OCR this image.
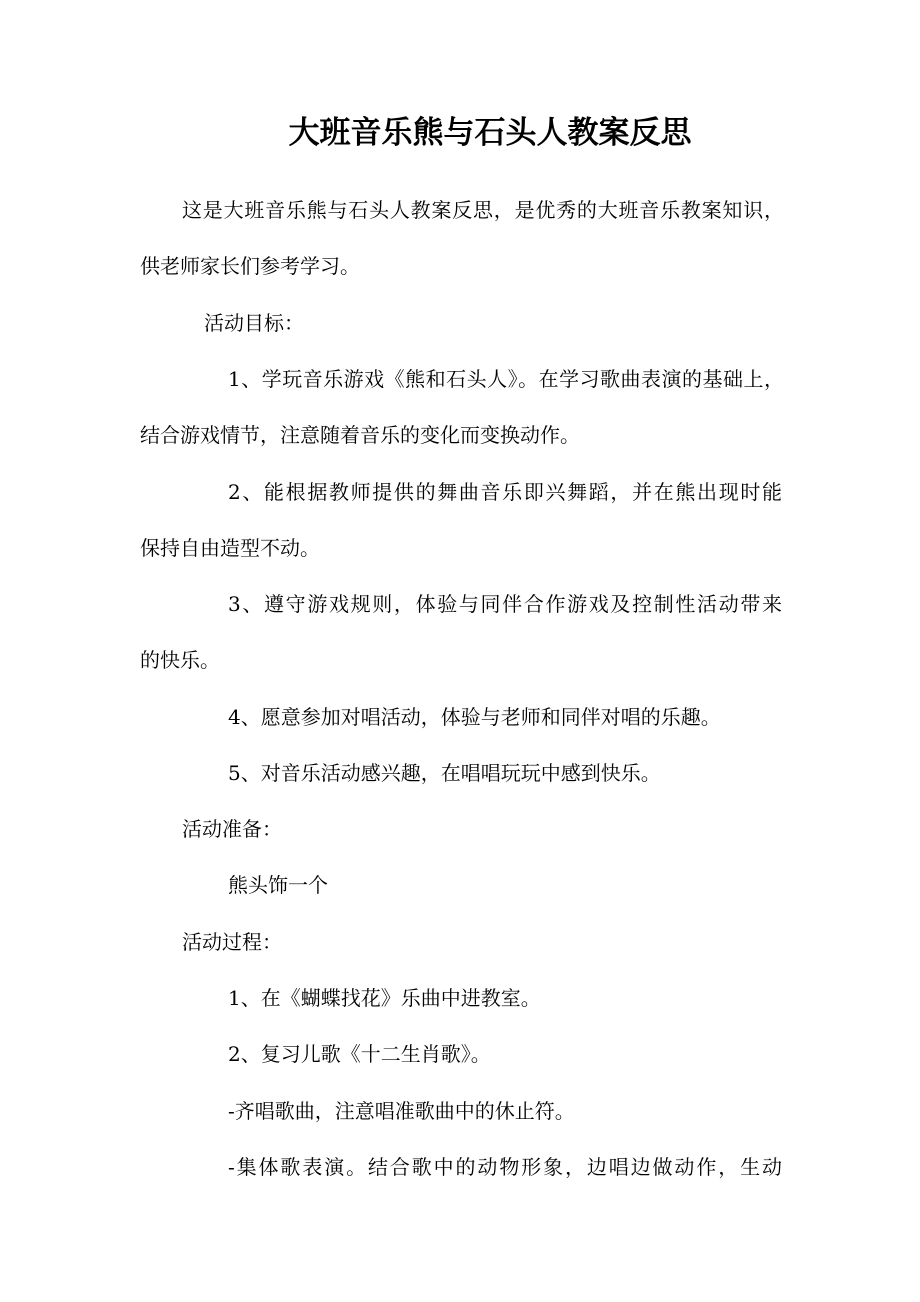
大班音乐熊与石头人教案反思
这是大班音乐熊与石头人教案反思，是优秀的大班音乐教案知识，
供老师家长们参考学习。
活动目标：
1、学玩音乐游戏《熊和石头人》。在学习歌曲表演的基础上，
结合游戏情节，注意随着音乐的变化而变换动作。
2、能根据教师提供的舞曲音乐即兴舞蹈，并在熊出现时能
保持自由造型不动。
3、遵守游戏规则，体验与同伴合作游戏及控制性活动带来
的快乐。
4、愿意参加对唱活动，体验与老师和同伴对唱的乐趣。
5、对音乐活动感兴趣，在唱唱玩玩中感到快乐。
活动准备：
熊头饰一个
活动过程：
1、在《蝴蝶找花》乐曲中进教室。
2、复习儿歌《十二生肖歌》。
-齐唱歌曲，注意唱准歌曲中的休止符。
-集体歌表演。结合歌中的动物形象，边唱边做动作，生动
